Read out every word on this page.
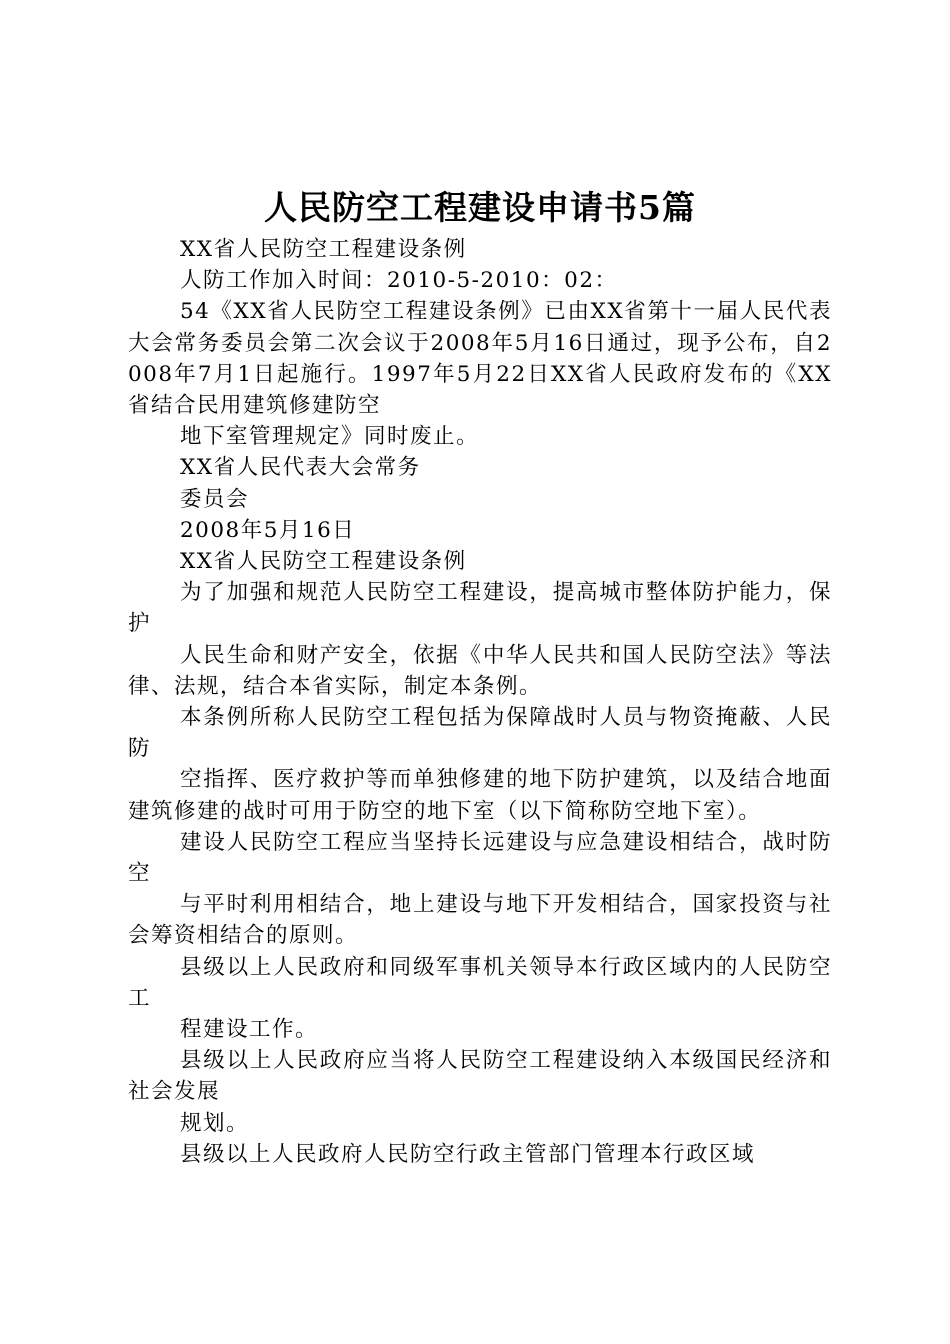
人民防空工程建设申请书5篇

XX省人民防空工程建设条例

人防工作加入时间：2010-5-2010：02：

54《XX省人民防空工程建设条例》已由XX省第十一届人民代表大会常务委员会第二次会议于2008年5月16日通过，现予公布，自2008年7月1日起施行。1997年5月22日XX省人民政府发布的《XX省结合民用建筑修建防空

地下室管理规定》同时废止。

XX省人民代表大会常务

委员会

2008年5月16日

XX省人民防空工程建设条例

为了加强和规范人民防空工程建设，提高城市整体防护能力，保护

人民生命和财产安全，依据《中华人民共和国人民防空法》等法律、法规，结合本省实际，制定本条例。

本条例所称人民防空工程包括为保障战时人员与物资掩蔽、人民防

空指挥、医疗救护等而单独修建的地下防护建筑，以及结合地面建筑修建的战时可用于防空的地下室（以下简称防空地下室）。

建设人民防空工程应当坚持长远建设与应急建设相结合，战时防空

与平时利用相结合，地上建设与地下开发相结合，国家投资与社会筹资相结合的原则。

县级以上人民政府和同级军事机关领导本行政区域内的人民防空工

程建设工作。

县级以上人民政府应当将人民防空工程建设纳入本级国民经济和社会发展

规划。

县级以上人民政府人民防空行政主管部门管理本行政区域
